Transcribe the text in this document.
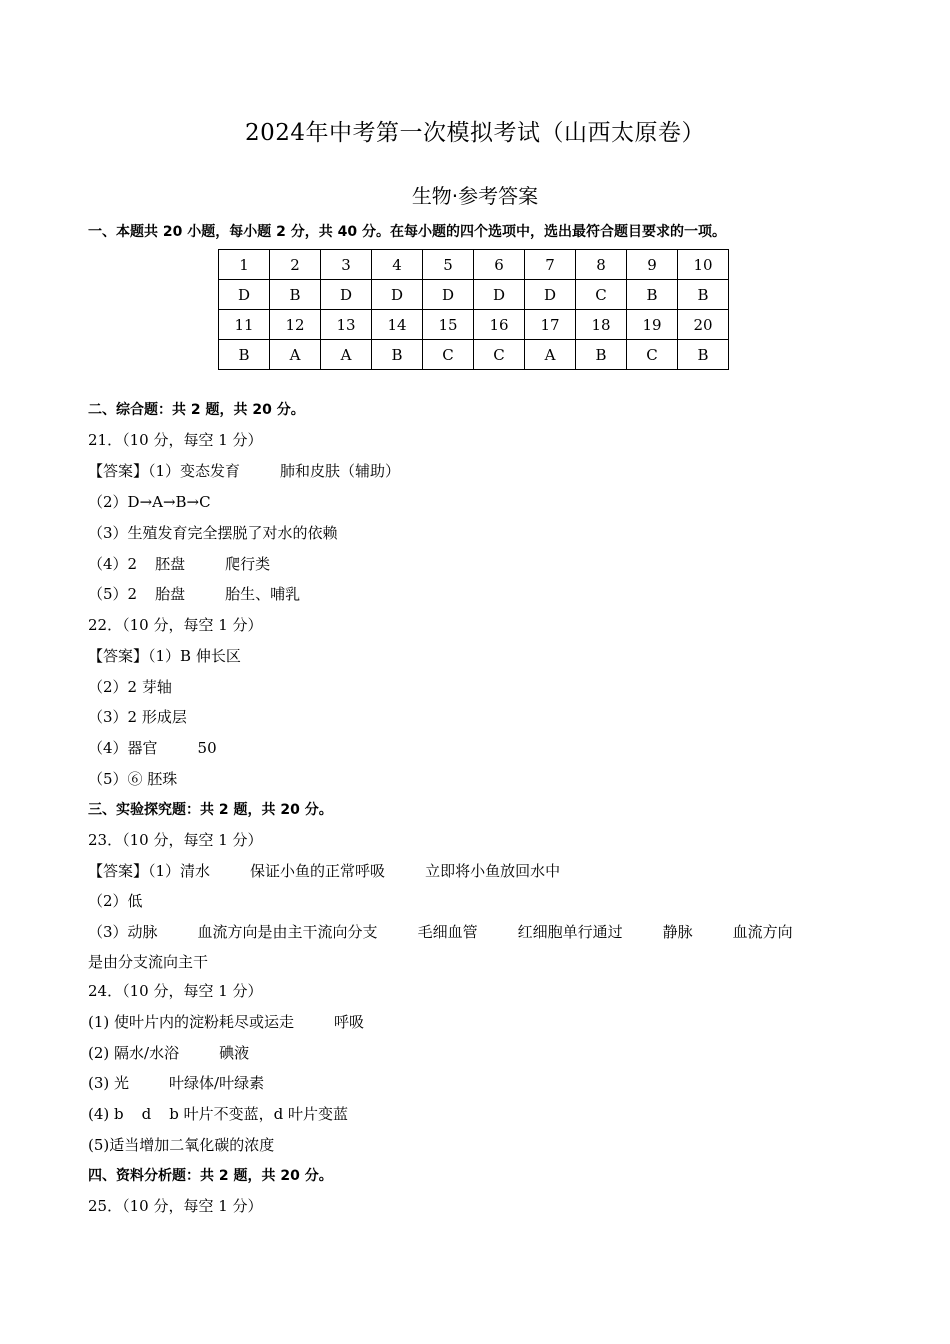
2024年中考第一次模拟考试（山西太原卷）
生物·参考答案
一、本题共 20 小题，每小题 2 分，共 40 分。在每小题的四个选项中，选出最符合题目要求的一项。
1	2	3	4	5	6	7	8	9	10
D	B	D	D	D	D	D	C	B	B
11	12	13	14	15	16	17	18	19	20
B	A	A	B	C	C	A	B	C	B
二、综合题：共 2 题，共 20 分。
21．（10 分，每空 1 分）
【答案】（1）变态发育	肺和皮肤（辅助）
（2）D→A→B→C
（3）生殖发育完全摆脱了对水的依赖
（4）2 胚盘	爬行类
（5）2 胎盘	胎生、哺乳
22．（10 分，每空 1 分）
【答案】（1）B 伸长区
（2）2 芽轴
（3）2 形成层
（4）器官	50
（5）⑥ 胚珠
三、实验探究题：共 2 题，共 20 分。
23．（10 分，每空 1 分）
【答案】（1）清水	保证小鱼的正常呼吸	立即将小鱼放回水中
（2）低
（3）动脉	血流方向是由主干流向分支	毛细血管	红细胞单行通过	静脉	血流方向
是由分支流向主干
24．（10 分，每空 1 分）
(1) 使叶片内的淀粉耗尽或运走	呼吸
(2) 隔水/水浴	碘液
(3) 光	叶绿体/叶绿素
(4) b d b 叶片不变蓝，d 叶片变蓝
(5)适当增加二氧化碳的浓度
四、资料分析题：共 2 题，共 20 分。
25．（10 分，每空 1 分）
